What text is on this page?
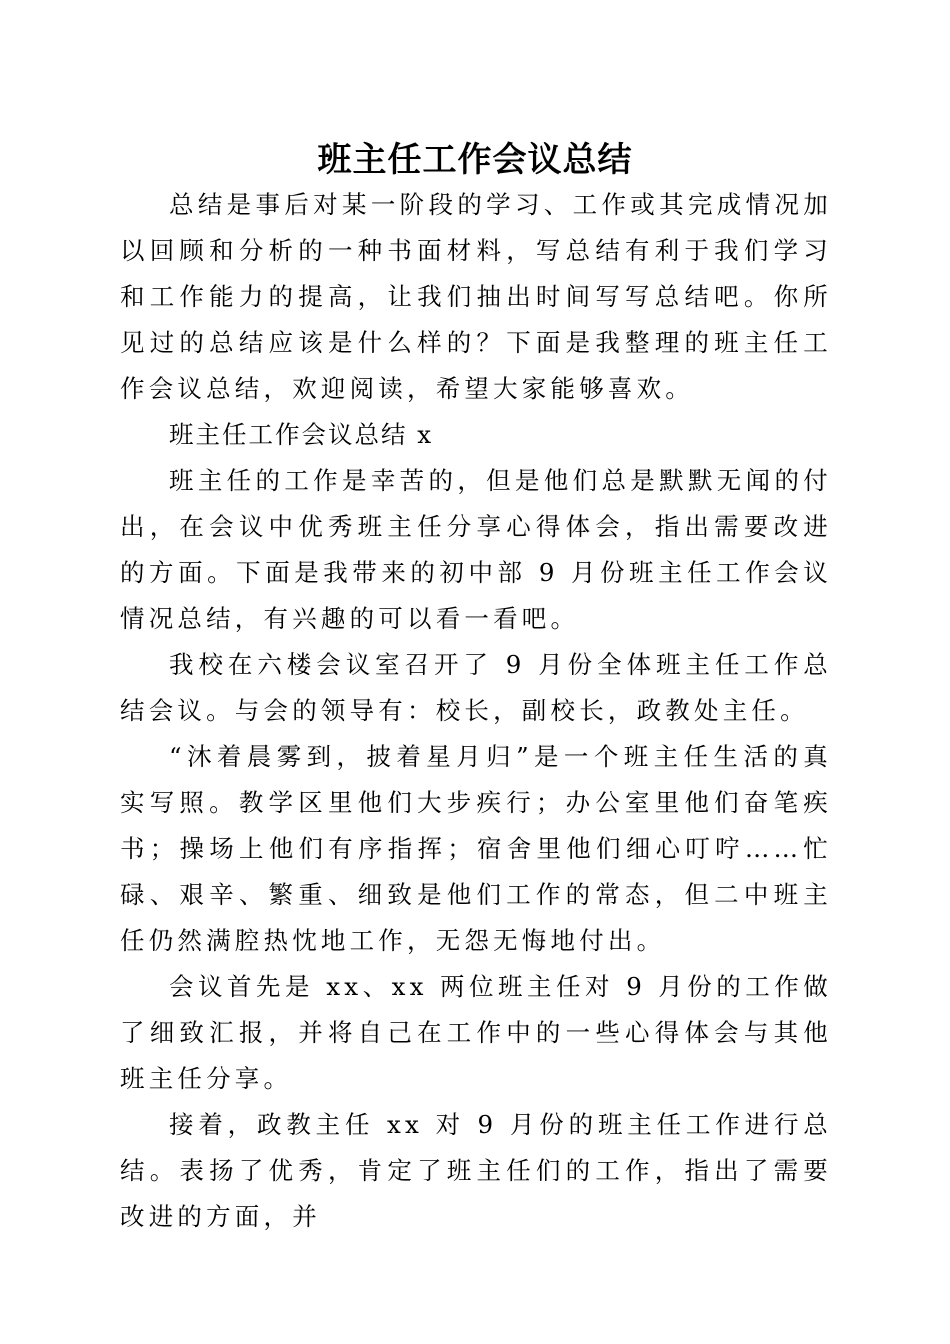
班主任工作会议总结

总结是事后对某一阶段的学习、工作或其完成情况加以回顾和分析的一种书面材料，写总结有利于我们学习和工作能力的提高，让我们抽出时间写写总结吧。你所见过的总结应该是什么样的？下面是我整理的班主任工作会议总结，欢迎阅读，希望大家能够喜欢。

班主任工作会议总结 x

班主任的工作是幸苦的，但是他们总是默默无闻的付出，在会议中优秀班主任分享心得体会，指出需要改进的方面。下面是我带来的初中部 9 月份班主任工作会议情况总结，有兴趣的可以看一看吧。

我校在六楼会议室召开了 9 月份全体班主任工作总结会议。与会的领导有：校长，副校长，政教处主任。

“沐着晨雾到，披着星月归”是一个班主任生活的真实写照。教学区里他们大步疾行；办公室里他们奋笔疾书；操场上他们有序指挥；宿舍里他们细心叮咛……忙碌、艰辛、繁重、细致是他们工作的常态，但二中班主任仍然满腔热忱地工作，无怨无悔地付出。

会议首先是 xx、xx 两位班主任对 9 月份的工作做了细致汇报，并将自己在工作中的一些心得体会与其他班主任分享。

接着，政教主任 xx 对 9 月份的班主任工作进行总结。表扬了优秀，肯定了班主任们的工作，指出了需要改进的方面，并
